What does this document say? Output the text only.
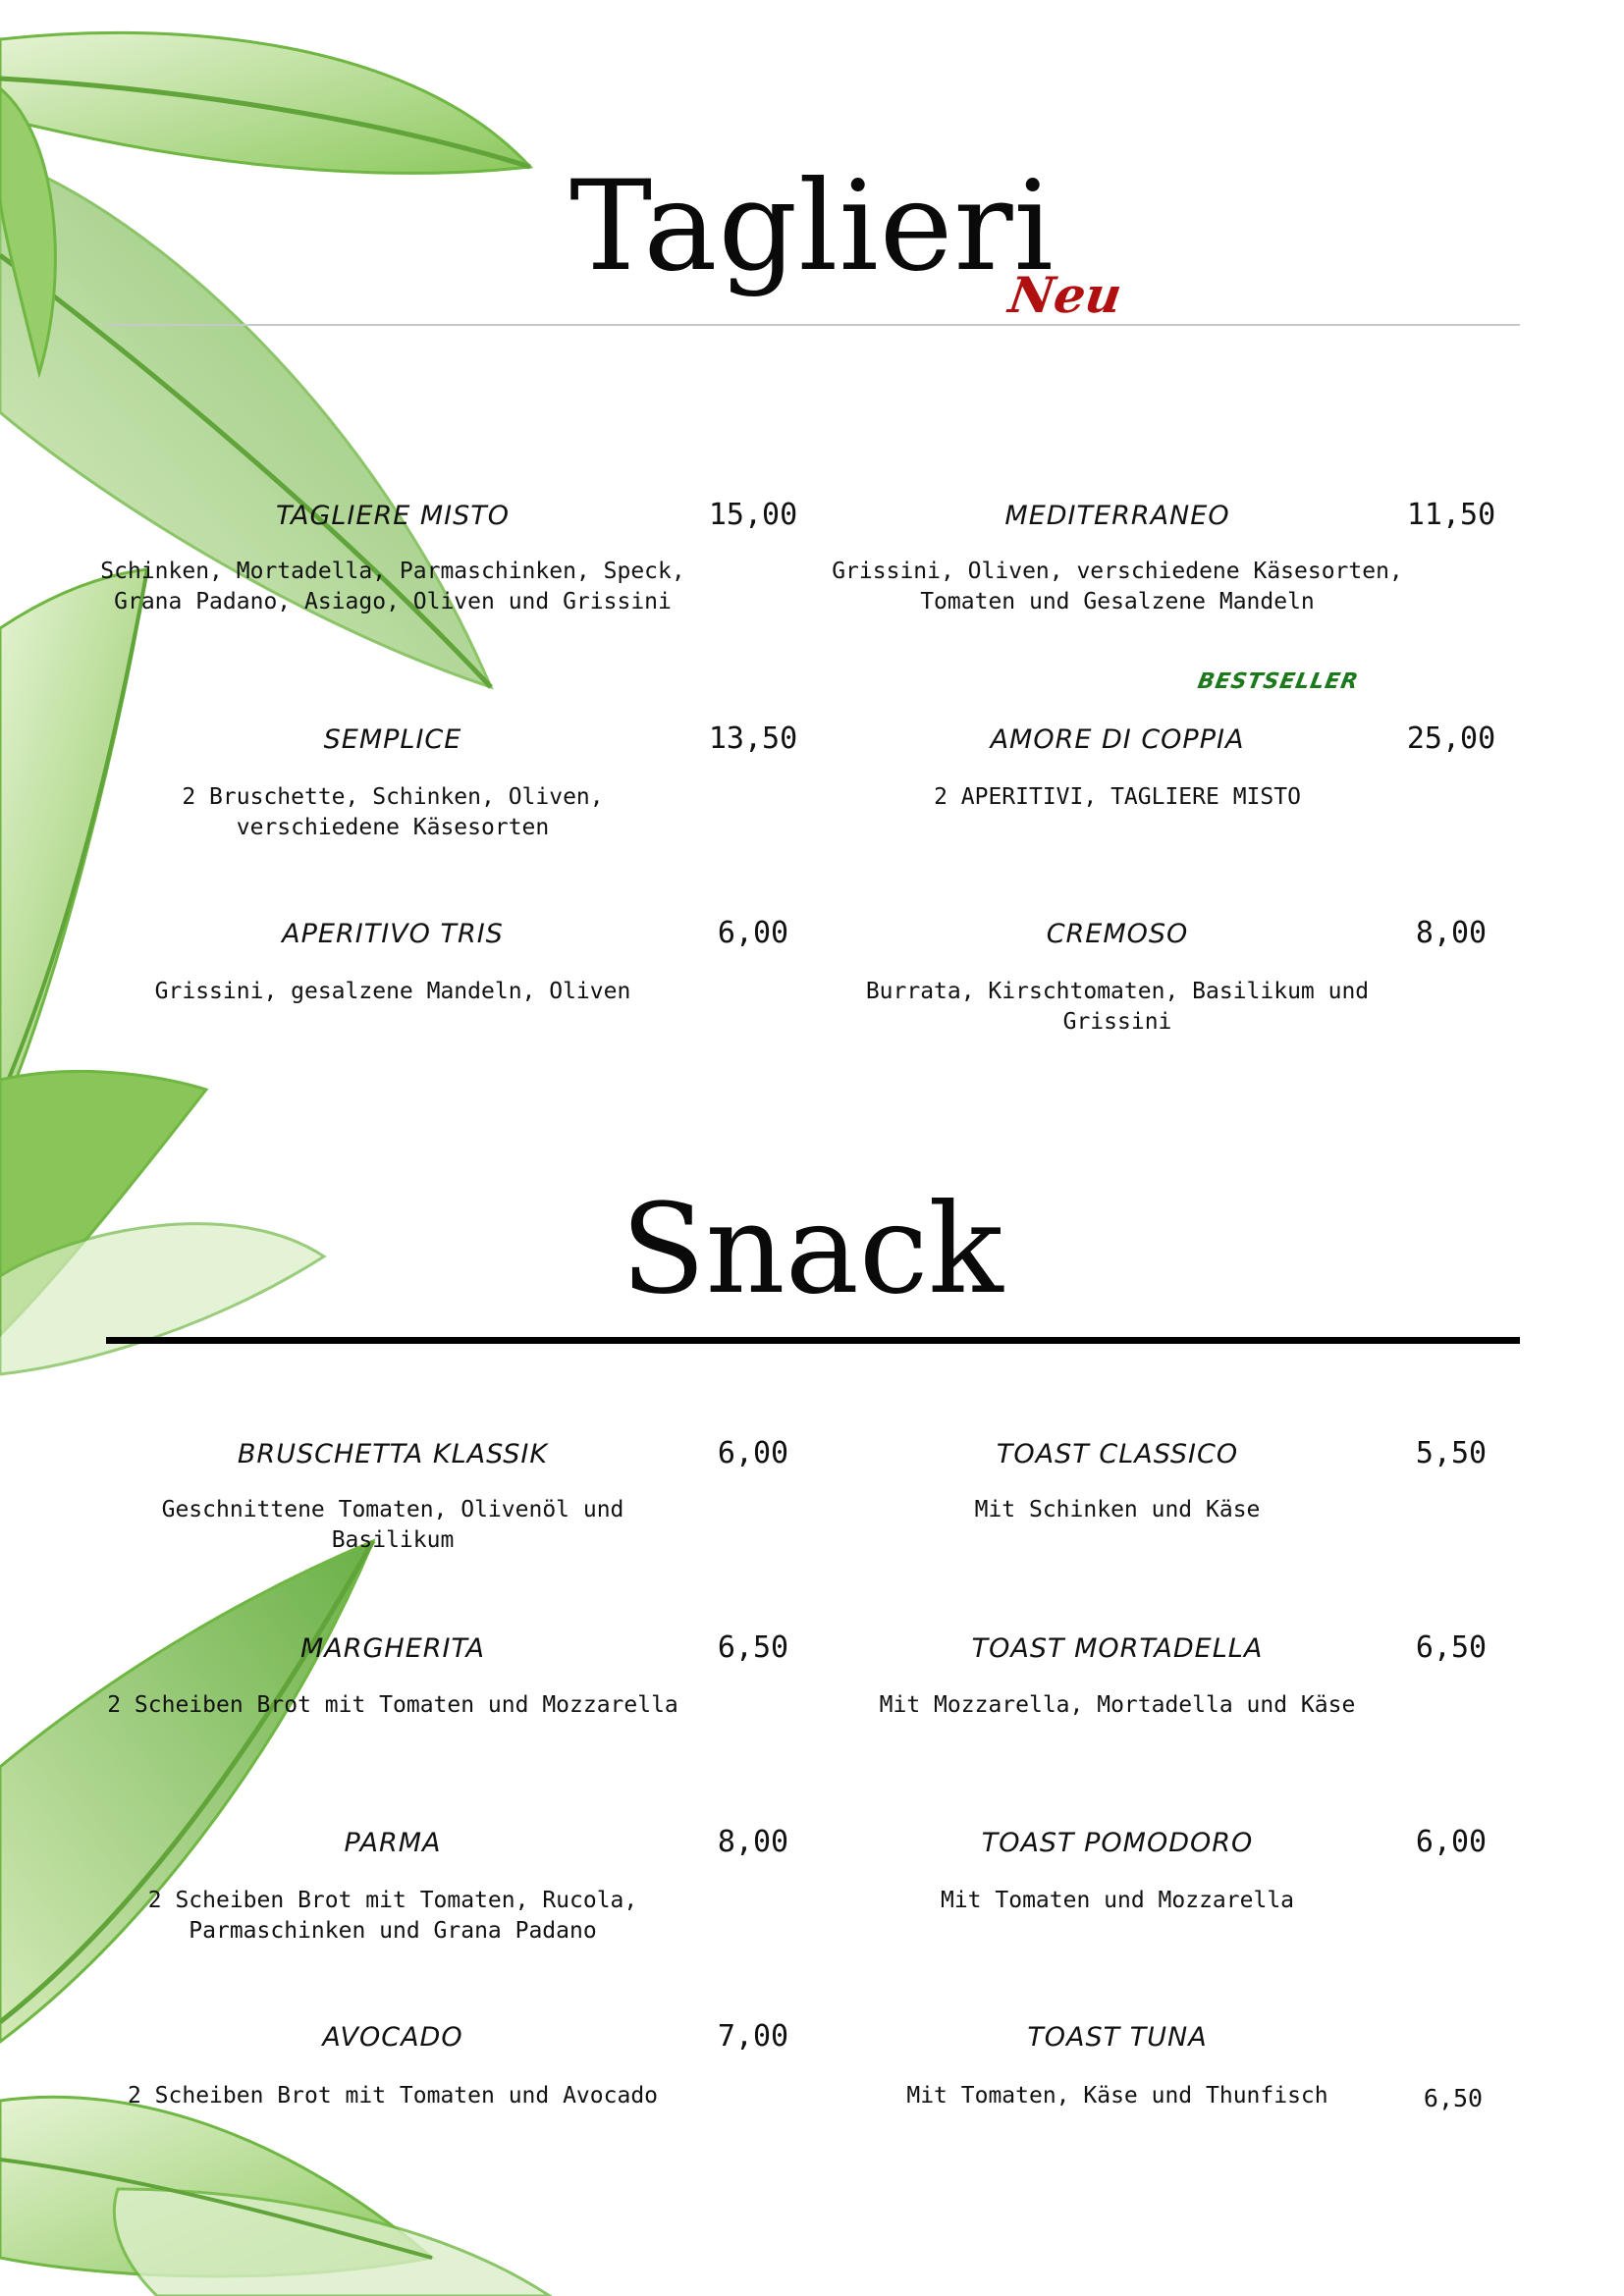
Taglieri
Neu
TAGLIERE MISTO	15,00
Schinken, Mortadella, Parmaschinken, Speck, Grana Padano, Asiago, Oliven und Grissini
MEDITERRANEO	11,50
Grissini, Oliven, verschiedene Käsesorten, Tomaten und Gesalzene Mandeln
SEMPLICE	13,50
2 Bruschette, Schinken, Oliven, verschiedene Käsesorten
BESTSELLER
AMORE DI COPPIA	25,00
2 APERITIVI, TAGLIERE MISTO
APERITIVO TRIS	6,00
Grissini, gesalzene Mandeln, Oliven
CREMOSO	8,00
Burrata, Kirschtomaten, Basilikum und Grissini
Snack
BRUSCHETTA KLASSIK	6,00
Geschnittene Tomaten, Olivenöl und Basilikum
TOAST CLASSICO	5,50
Mit Schinken und Käse
MARGHERITA	6,50
2 Scheiben Brot mit Tomaten und Mozzarella
TOAST MORTADELLA	6,50
Mit Mozzarella, Mortadella und Käse
PARMA	8,00
2 Scheiben Brot mit Tomaten, Rucola, Parmaschinken und Grana Padano
TOAST POMODORO	6,00
Mit Tomaten und Mozzarella
AVOCADO	7,00
2 Scheiben Brot mit Tomaten und Avocado
TOAST TUNA
Mit Tomaten, Käse und Thunfisch	6,50
